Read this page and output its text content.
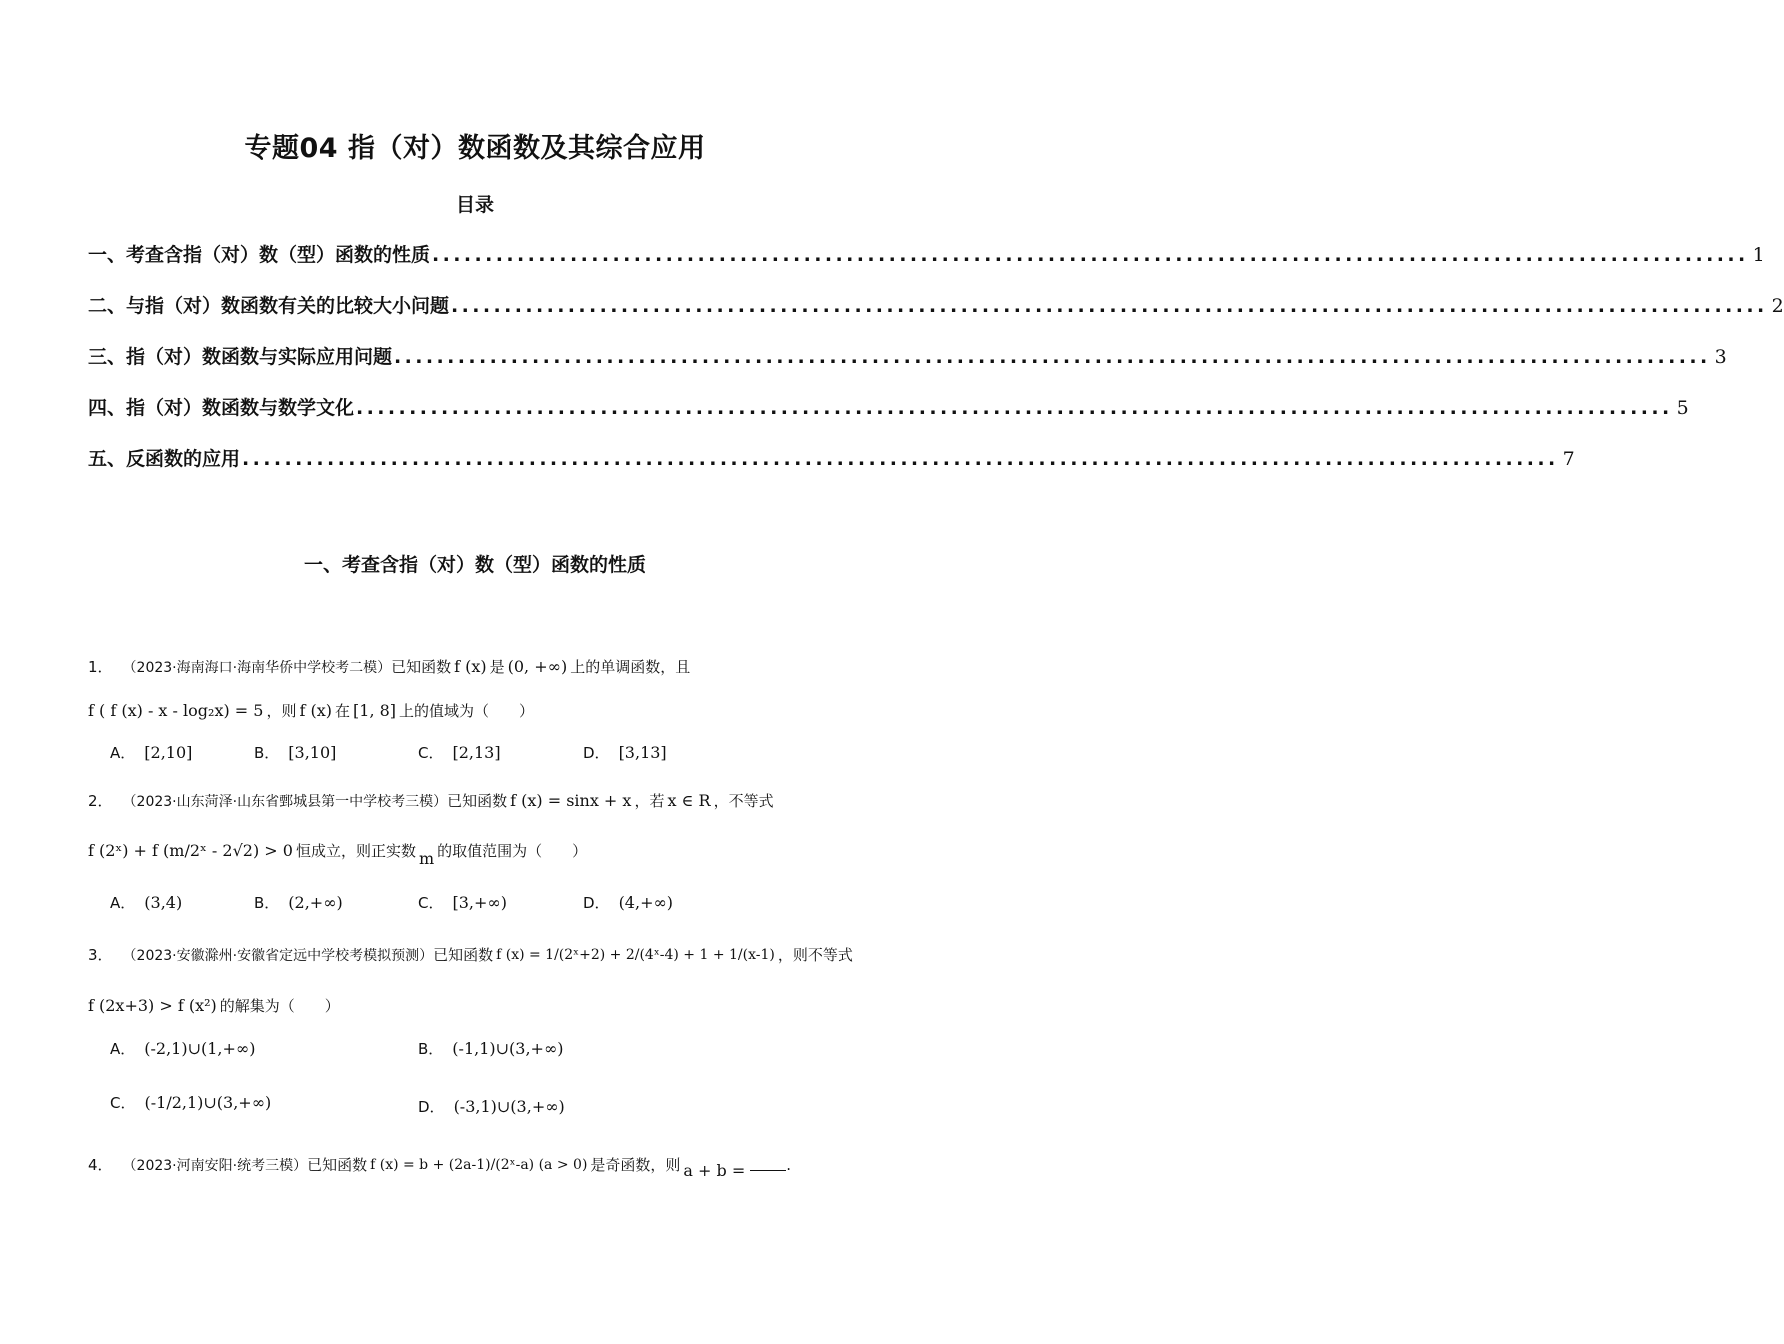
专题04 指（对）数函数及其综合应用
目录
一、考查含指（对）数（型）函数的性质 ............................................................................................................................ 1
二、与指（对）数函数有关的比较大小问题 ............................................................................................................................ 2
三、指（对）数函数与实际应用问题 ............................................................................................................................ 3
四、指（对）数函数与数学文化 ............................................................................................................................ 5
五、反函数的应用 ............................................................................................................................ 7
一、考查含指（对）数（型）函数的性质
1． （2023·海南海口·海南华侨中学校考二模） 已知函数 f (x) 是 (0, +∞) 上的单调函数，且
f ( f (x) - x - log₂x) = 5 ，则 f (x) 在 [1, 8] 上的值域为（　　）
A． [2,10]	B． [3,10]	C． [2,13]	D． [3,13]
2． （2023·山东菏泽·山东省鄄城县第一中学校考三模） 已知函数 f (x) = sinx + x ，若 x ∈ R ，不等式
f (2ˣ) + f (m/2ˣ - 2√2) > 0 恒成立，则正实数 m 的取值范围为（　　）
A． (3,4)	B． (2,+∞)	C． [3,+∞)	D． (4,+∞)
3． （2023·安徽滁州·安徽省定远中学校考模拟预测） 已知函数 f (x) = 1/(2ˣ+2) + 2/(4ˣ-4) + 1 + 1/(x-1) ，则不等式
f (2x+3) > f (x²) 的解集为（　　）
A． (-2,1)∪(1,+∞)	B． (-1,1)∪(3,+∞)
C． (-1/2,1)∪(3,+∞)	D． (-3,1)∪(3,+∞)
4． （2023·河南安阳·统考三模） 已知函数 f (x) = b + (2a-1)/(2ˣ-a) (a > 0) 是奇函数，则 a + b =	.
